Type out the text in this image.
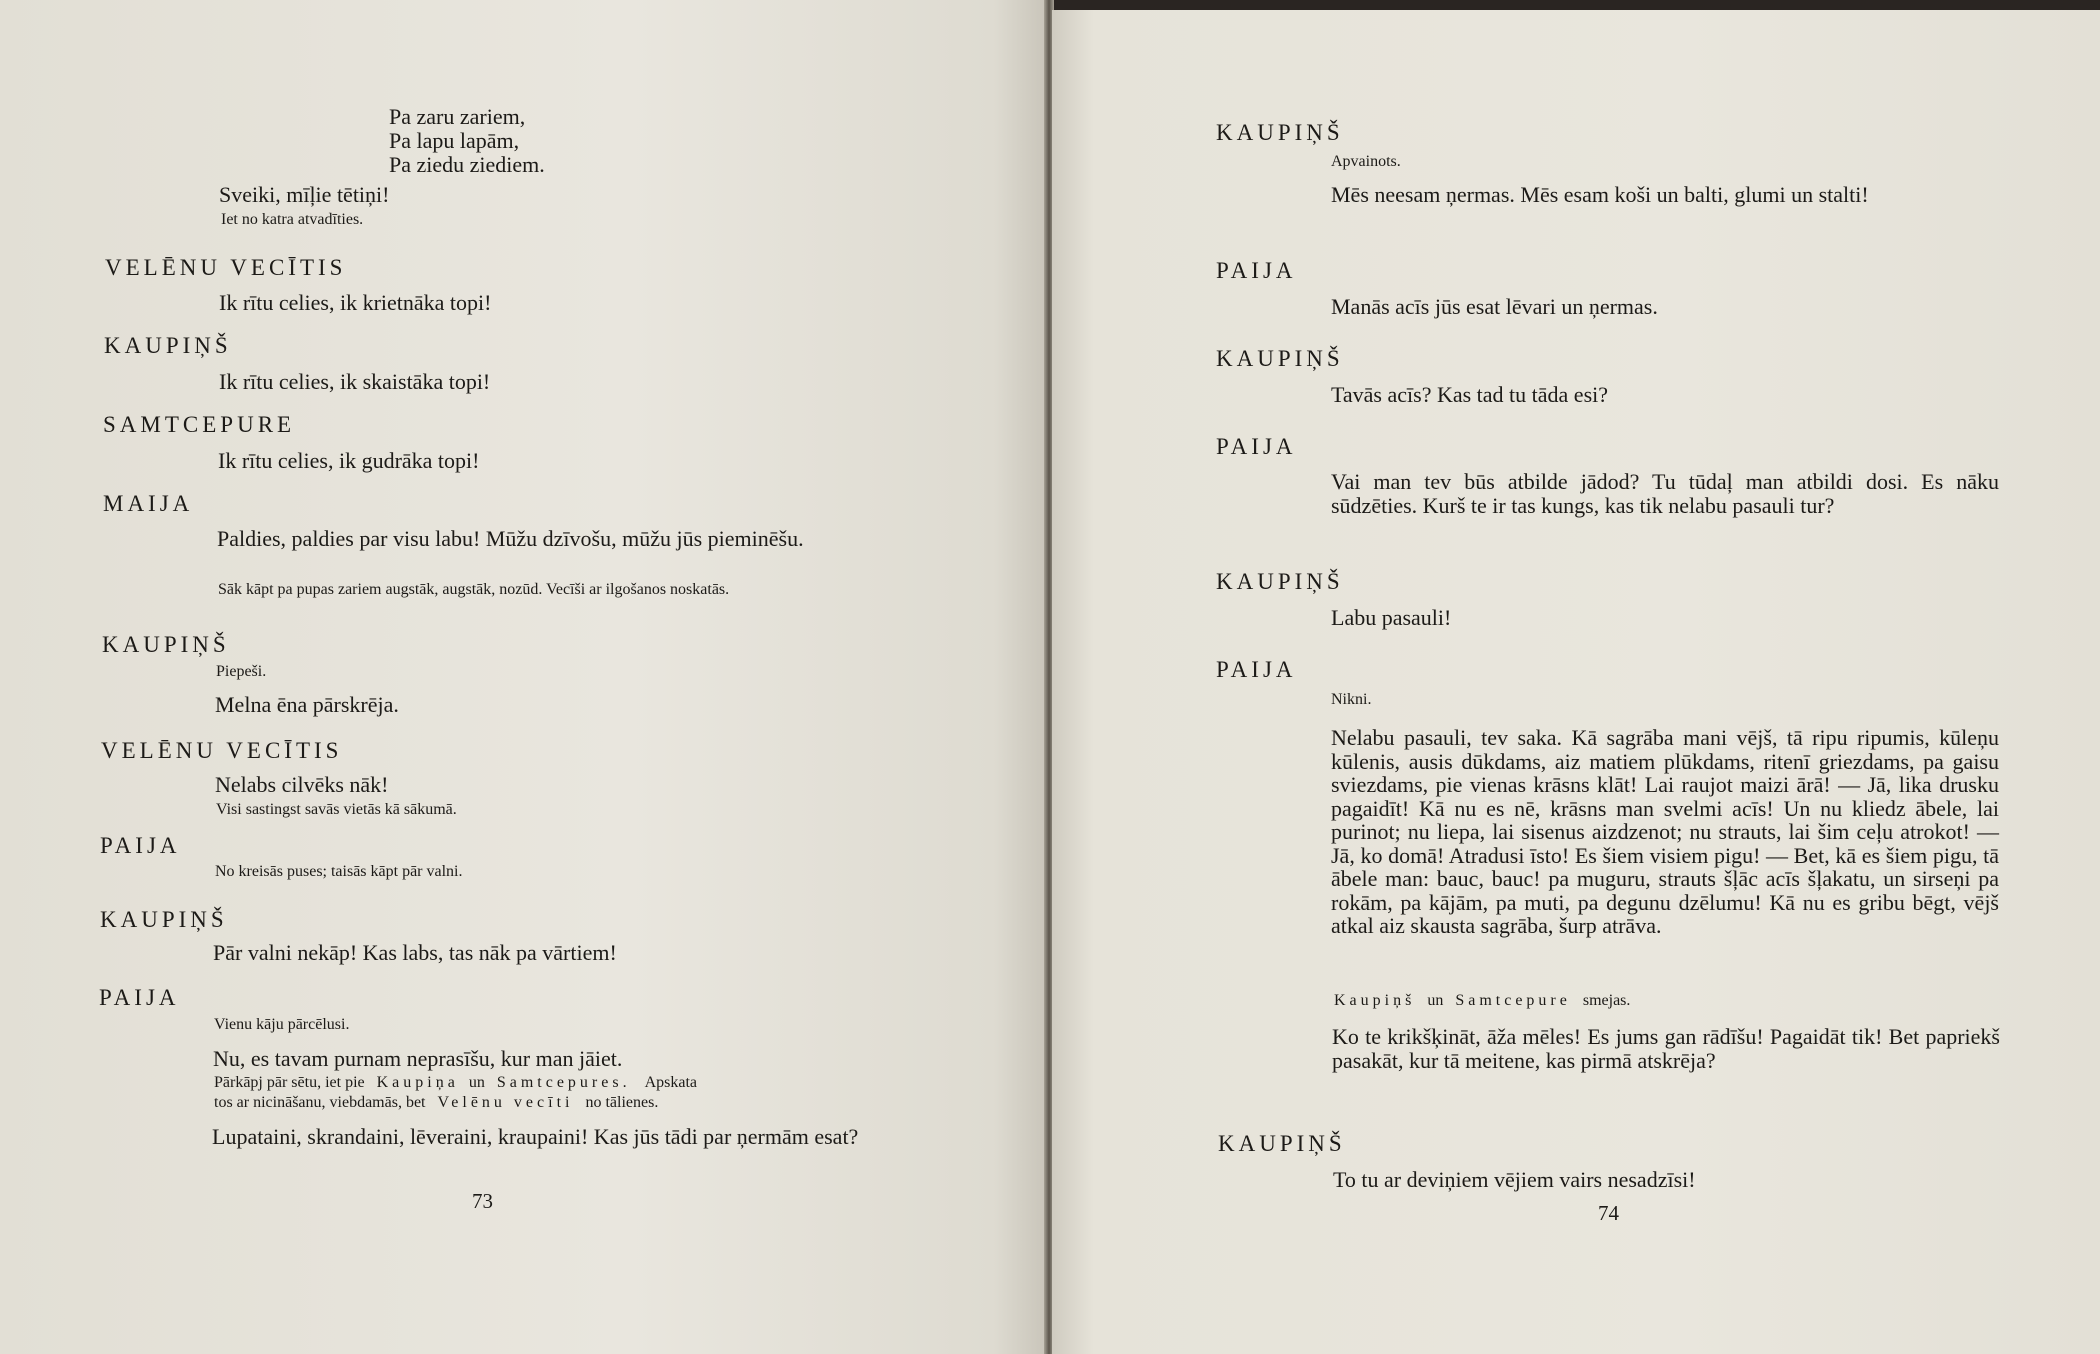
Pa zaru zariem,
Pa lapu lapām,
Pa ziedu ziediem.
Sveiki, mīļie tētiņi!
Iet no katra atvadīties.
VELĒNU VECĪTIS
Ik rītu celies, ik krietnāka topi!
KAUPIŅŠ
Ik rītu celies, ik skaistāka topi!
SAMTCEPURE
Ik rītu celies, ik gudrāka topi!
MAIJA
Paldies, paldies par visu labu! Mūžu dzīvošu, mūžu jūs pieminēšu.
Sāk kāpt pa pupas zariem augstāk, augstāk, nozūd. Vecīši ar ilgošanos noskatās.
KAUPIŅŠ
Piepeši.
Melna ēna pārskrēja.
VELĒNU VECĪTIS
Nelabs cilvēks nāk!
Visi sastingst savās vietās kā sākumā.
PAIJA
No kreisās puses; taisās kāpt pār valni.
KAUPIŅŠ
Pār valni nekāp! Kas labs, tas nāk pa vārtiem!
PAIJA
Vienu kāju pārcēlusi.
Nu, es tavam purnam neprasīšu, kur man jāiet.
Pārkāpj pār sētu, iet pie Kaupiņa un Samtcepures. Apskata
tos ar nicināšanu, viebdamās, bet Velēnu vecīti no tālienes.
Lupataini, skrandaini, lēveraini, kraupaini! Kas jūs tādi par ņermām esat?
73
KAUPIŅŠ
Apvainots.
Mēs neesam ņermas. Mēs esam koši un balti, glumi un stalti!
PAIJA
Manās acīs jūs esat lēvari un ņermas.
KAUPIŅŠ
Tavās acīs? Kas tad tu tāda esi?
PAIJA
Vai man tev būs atbilde jādod? Tu tūdaļ man atbildi dosi. Es nāku sūdzēties. Kurš te ir tas kungs, kas tik nelabu pasauli tur?
KAUPIŅŠ
Labu pasauli!
PAIJA
Nikni.
Nelabu pasauli, tev saka. Kā sagrāba mani vējš, tā ripu ripumis, kūleņu kūlenis, ausis dūkdams, aiz matiem plūkdams, ritenī griezdams, pa gaisu sviezdams, pie vienas krāsns klāt! Lai raujot maizi ārā! — Jā, lika drusku pagaidīt! Kā nu es nē, krāsns man svelmi acīs! Un nu kliedz ābele, lai purinot; nu liepa, lai sisenus aizdzenot; nu strauts, lai šim ceļu atrokot! — Jā, ko domā! Atradusi īsto! Es šiem visiem pigu! — Bet, kā es šiem pigu, tā ābele man: bauc, bauc! pa muguru, strauts šļāc acīs šļakatu, un sirseņi pa rokām, pa kājām, pa muti, pa degunu dzēlumu! Kā nu es gribu bēgt, vējš atkal aiz skausta sagrāba, šurp atrāva.
Kaupiņš un Samtcepure smejas.
Ko te krikšķināt, āža mēles! Es jums gan rādīšu! Pagaidāt tik! Bet papriekš pasakāt, kur tā meitene, kas pirmā atskrēja?
KAUPIŅŠ
To tu ar deviņiem vējiem vairs nesadzīsi!
74
